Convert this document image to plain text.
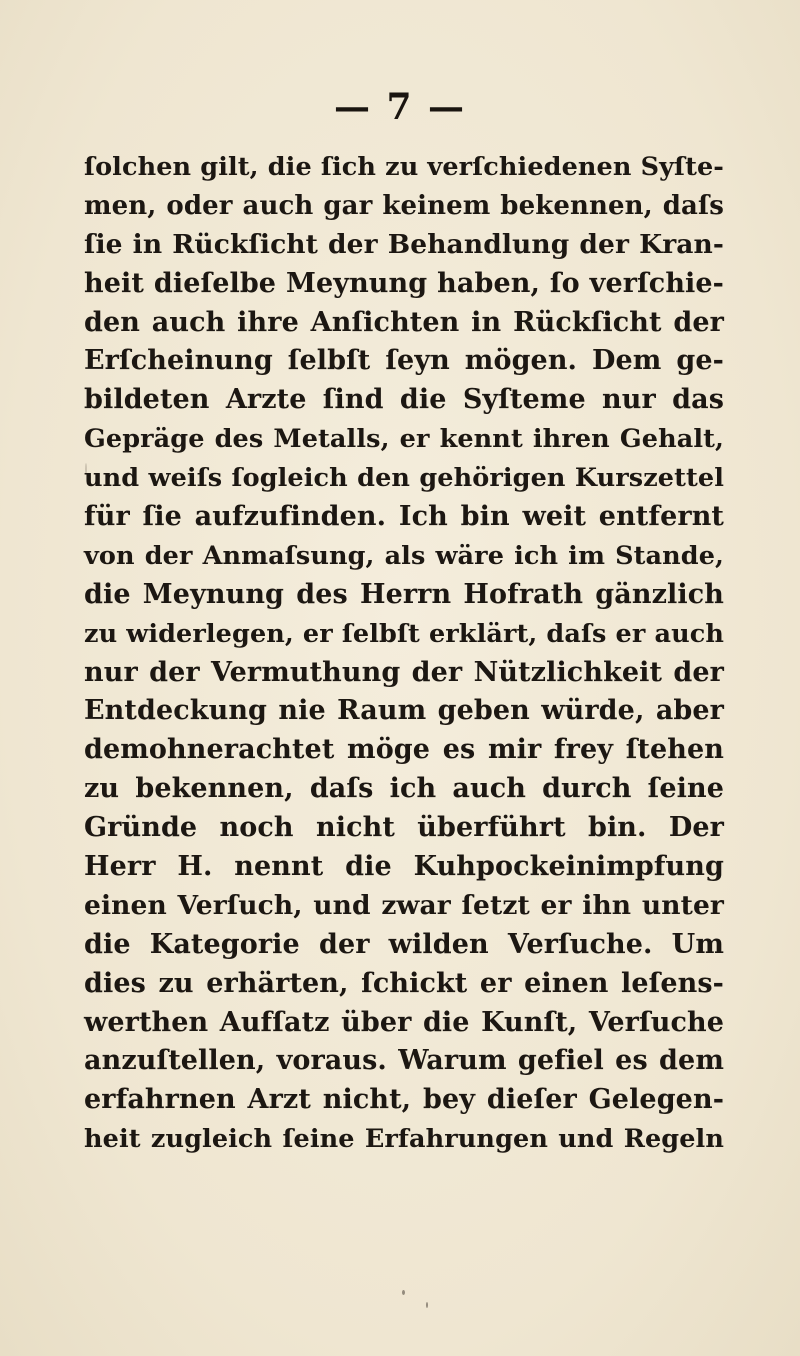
— 7 —
ſolchen gilt, die ſich zu verſchiedenen Syſte-
men, oder auch gar keinem bekennen, daſs
ſie in Rückſicht der Behandlung der Kran-
heit dieſelbe Meynung haben, ſo verſchie-
den auch ihre Anſichten in Rückſicht der
Erſcheinung ſelbſt ſeyn mögen. Dem ge-
bildeten Arzte ſind die Syſteme nur das
Gepräge des Metalls, er kennt ihren Gehalt,
und weiſs ſogleich den gehörigen Kurszettel
für ſie aufzufinden. Ich bin weit entfernt
von der Anmaſsung, als wäre ich im Stande,
die Meynung des Herrn Hofrath gänzlich
zu widerlegen, er ſelbſt erklärt, daſs er auch
nur der Vermuthung der Nützlichkeit der
Entdeckung nie Raum geben würde, aber
demohnerachtet möge es mir frey ſtehen
zu bekennen, daſs ich auch durch ſeine
Gründe noch nicht überführt bin. Der
Herr H. nennt die Kuhpockeinimpfung
einen Verſuch, und zwar ſetzt er ihn unter
die Kategorie der wilden Verſuche. Um
dies zu erhärten, ſchickt er einen leſens-
werthen Aufſatz über die Kunſt, Verſuche
anzuſtellen, voraus. Warum gefiel es dem
erfahrnen Arzt nicht, bey dieſer Gelegen-
heit zugleich ſeine Erfahrungen und Regeln
